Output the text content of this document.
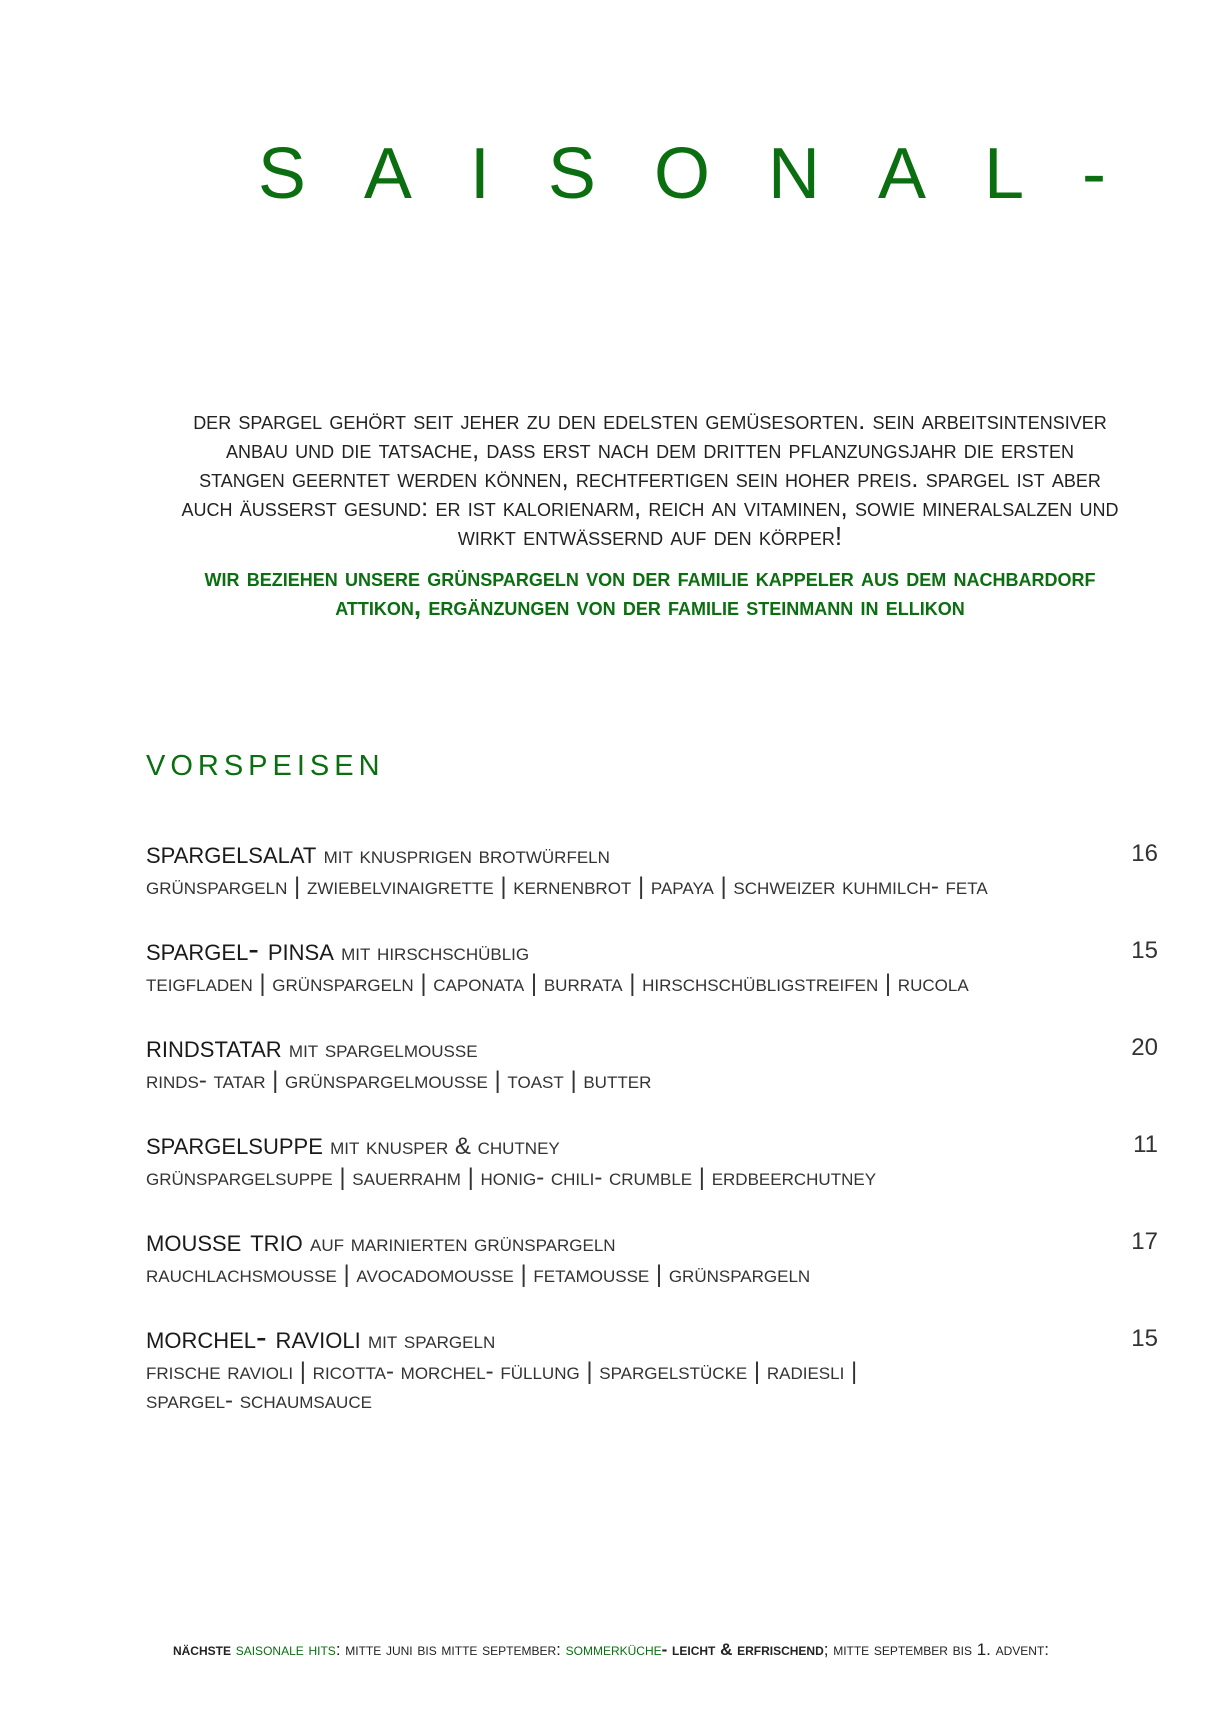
SAISONAL-
der spargel gehört seit jeher zu den edelsten gemüsesorten. sein arbeitsintensiver
anbau und die tatsache, dass erst nach dem dritten pflanzungsjahr die ersten
stangen geerntet werden können, rechtfertigen sein hoher preis. spargel ist aber
auch äusserst gesund: er ist kalorienarm, reich an vitaminen, sowie mineralsalzen und
wirkt entwässernd auf den körper!
wir beziehen unsere grünspargeln von der familie kappeler aus dem nachbardorf
attikon, ergänzungen von der familie steinmann in ellikon
vorspeisen
spargelsalat mit knusprigen brotwürfeln	16
grünspargeln | zwiebelvinaigrette | kernenbrot | papaya | schweizer kuhmilch- feta
spargel- pinsa mit hirschschüblig	15
teigfladen | grünspargeln | caponata | burrata | hirschschübligstreifen | rucola
rindstatar mit spargelmousse	20
rinds- tatar | grünspargelmousse | toast | butter
spargelsuppe mit knusper & chutney	11
grünspargelsuppe | sauerrahm | honig- chili- crumble | erdbeerchutney
mousse trio auf marinierten grünspargeln	17
rauchlachsmousse | avocadomousse | fetamousse | grünspargeln
morchel- ravioli mit spargeln	15
frische ravioli | ricotta- morchel- füllung | spargelstücke | radiesli |
spargel- schaumsauce
nächste saisonale hits: mitte juni bis mitte september: sommerküche- leicht & erfrischend; mitte september bis 1. advent:
